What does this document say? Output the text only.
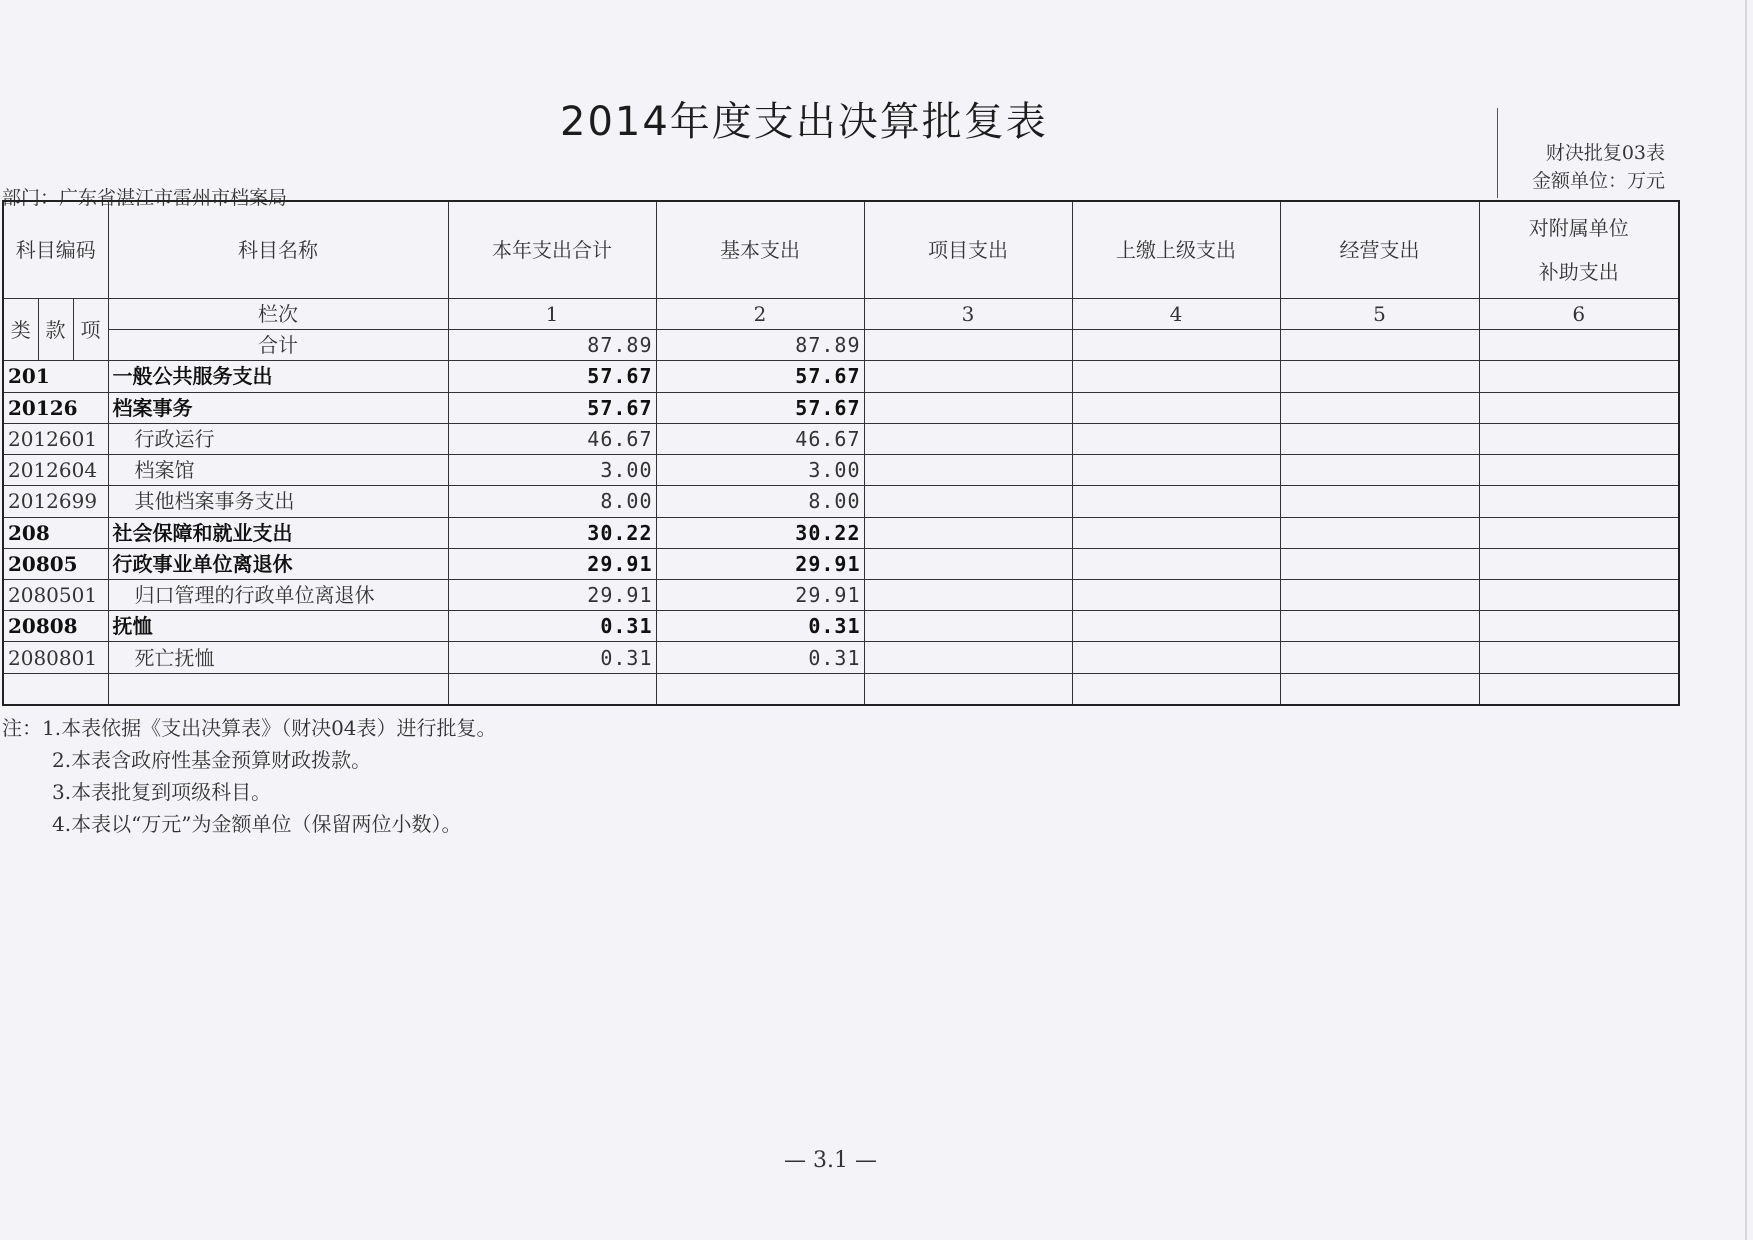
2014年度支出决算批复表
财决批复03表
金额单位：万元
部门：广东省湛江市雷州市档案局
科目编码			科目名称	本年支出合计	基本支出	项目支出	上缴上级支出	经营支出	对附属单位补助支出
类	款	项	栏次	1	2	3	4	5	6
			合计	87.89	87.89				
201			一般公共服务支出	57.67	57.67				
20126			档案事务	57.67	57.67				
2012601			行政运行	46.67	46.67				
2012604			档案馆	3.00	3.00				
2012699			其他档案事务支出	8.00	8.00				
208			社会保障和就业支出	30.22	30.22				
20805			行政事业单位离退休	29.91	29.91				
2080501			归口管理的行政单位离退休	29.91	29.91				
20808			抚恤	0.31	0.31				
2080801			死亡抚恤	0.31	0.31				

注：1.本表依据《支出决算表》（财决04表）进行批复。
2.本表含政府性基金预算财政拨款。
3.本表批复到项级科目。
4.本表以“万元”为金额单位（保留两位小数）。
— 3.1 —
